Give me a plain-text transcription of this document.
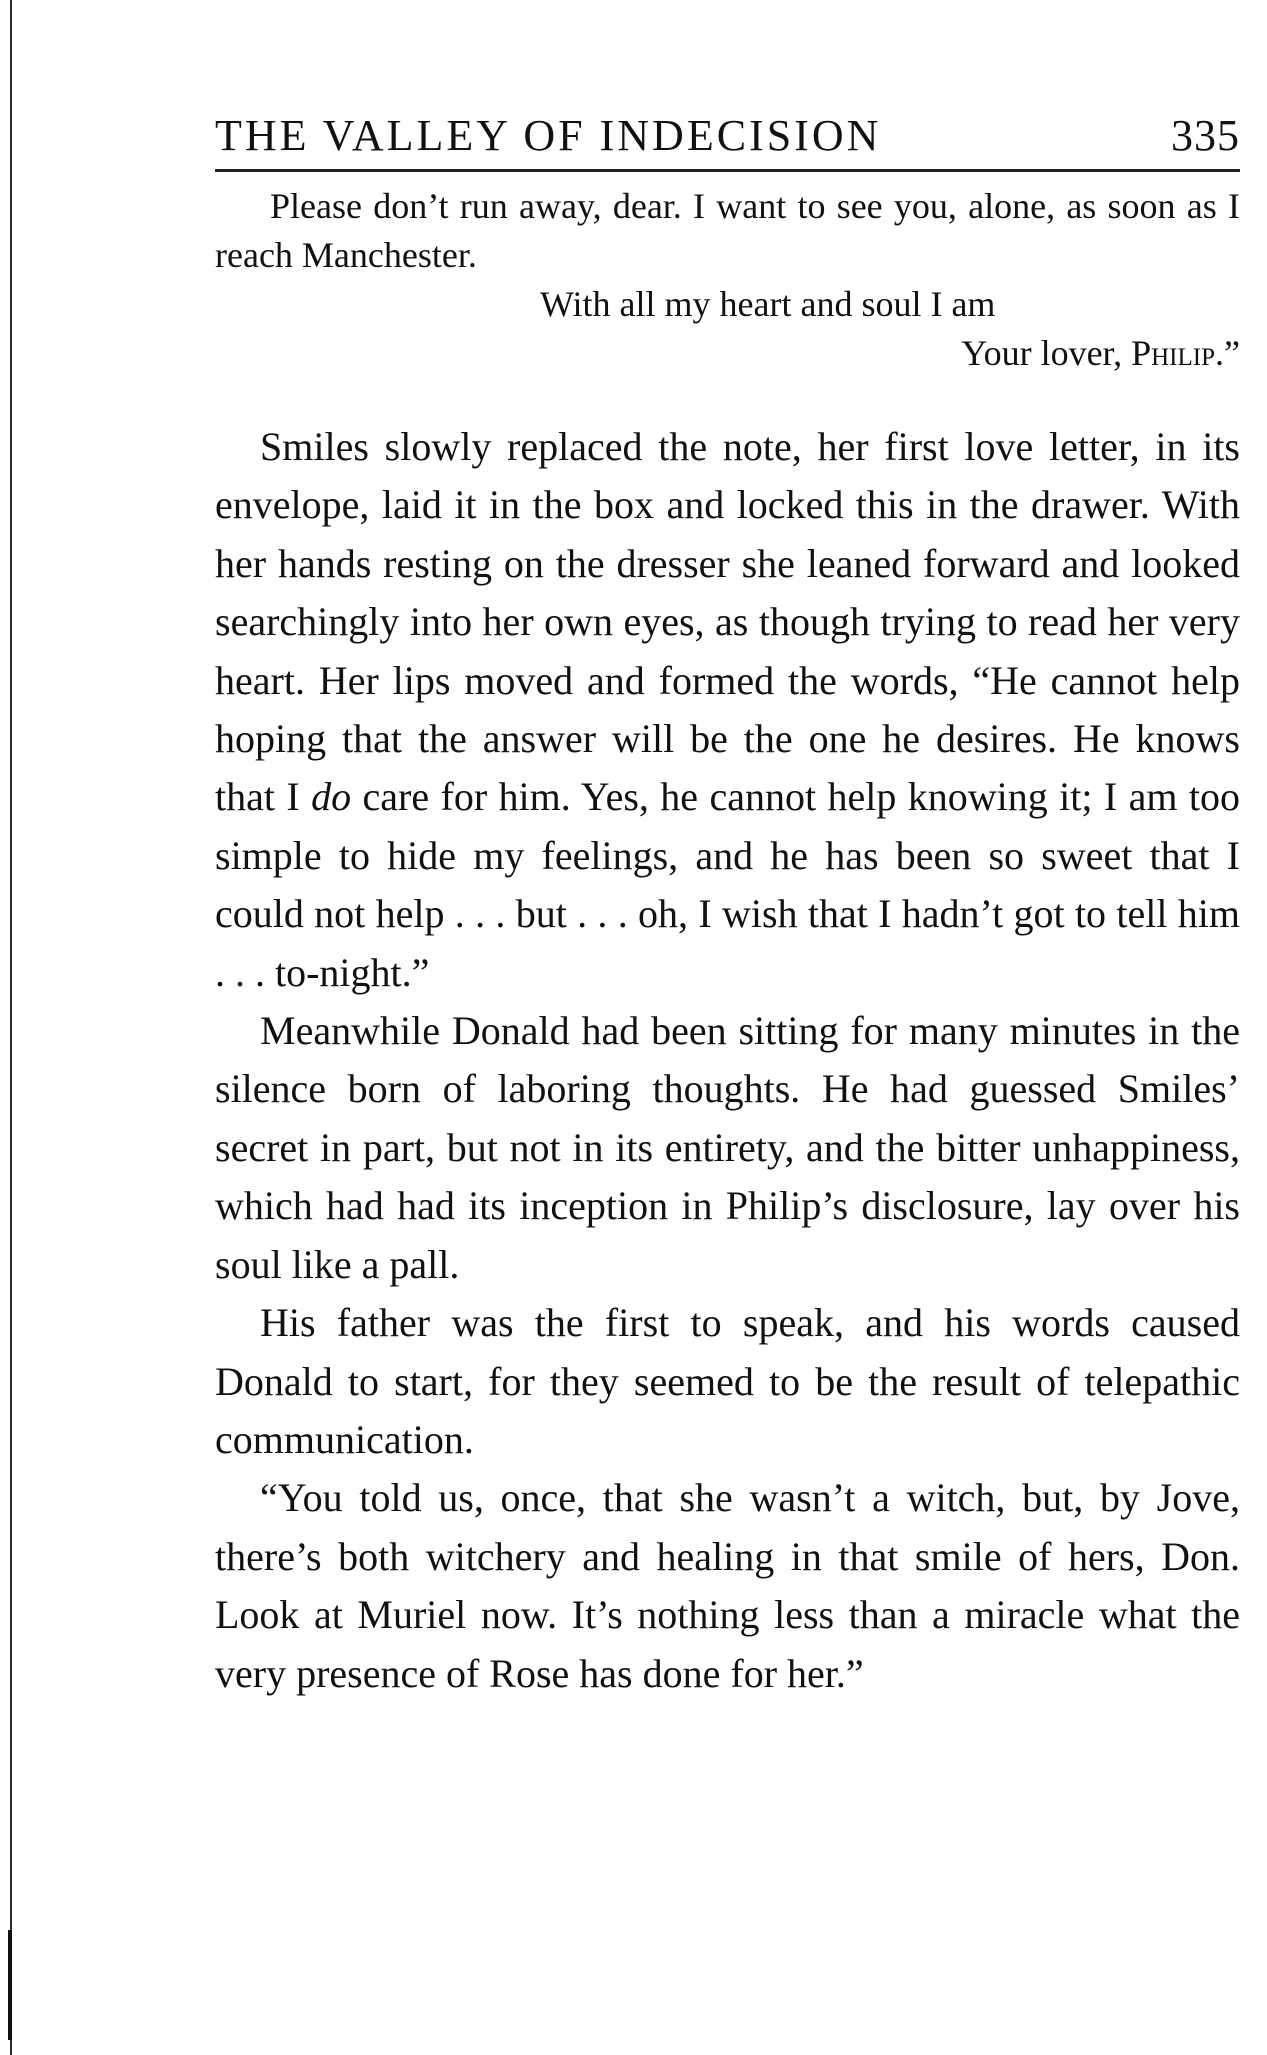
THE VALLEY OF INDECISION	335

Please don’t run away, dear. I want to see you, alone, as soon as I reach Manchester.

With all my heart and soul I am

Your lover, Philip.”

Smiles slowly replaced the note, her first love letter, in its envelope, laid it in the box and locked this in the drawer. With her hands resting on the dresser she leaned forward and looked searchingly into her own eyes, as though trying to read her very heart. Her lips moved and formed the words, “He cannot help hoping that the answer will be the one he desires. He knows that I do care for him. Yes, he cannot help knowing it; I am too simple to hide my feelings, and he has been so sweet that I could not help . . . but . . . oh, I wish that I hadn’t got to tell him . . . to-night.”

Meanwhile Donald had been sitting for many minutes in the silence born of laboring thoughts. He had guessed Smiles’ secret in part, but not in its entirety, and the bitter unhappiness, which had had its inception in Philip’s disclosure, lay over his soul like a pall.

His father was the first to speak, and his words caused Donald to start, for they seemed to be the result of telepathic communication.

“You told us, once, that she wasn’t a witch, but, by Jove, there’s both witchery and healing in that smile of hers, Don. Look at Muriel now. It’s nothing less than a miracle what the very presence of Rose has done for her.”
